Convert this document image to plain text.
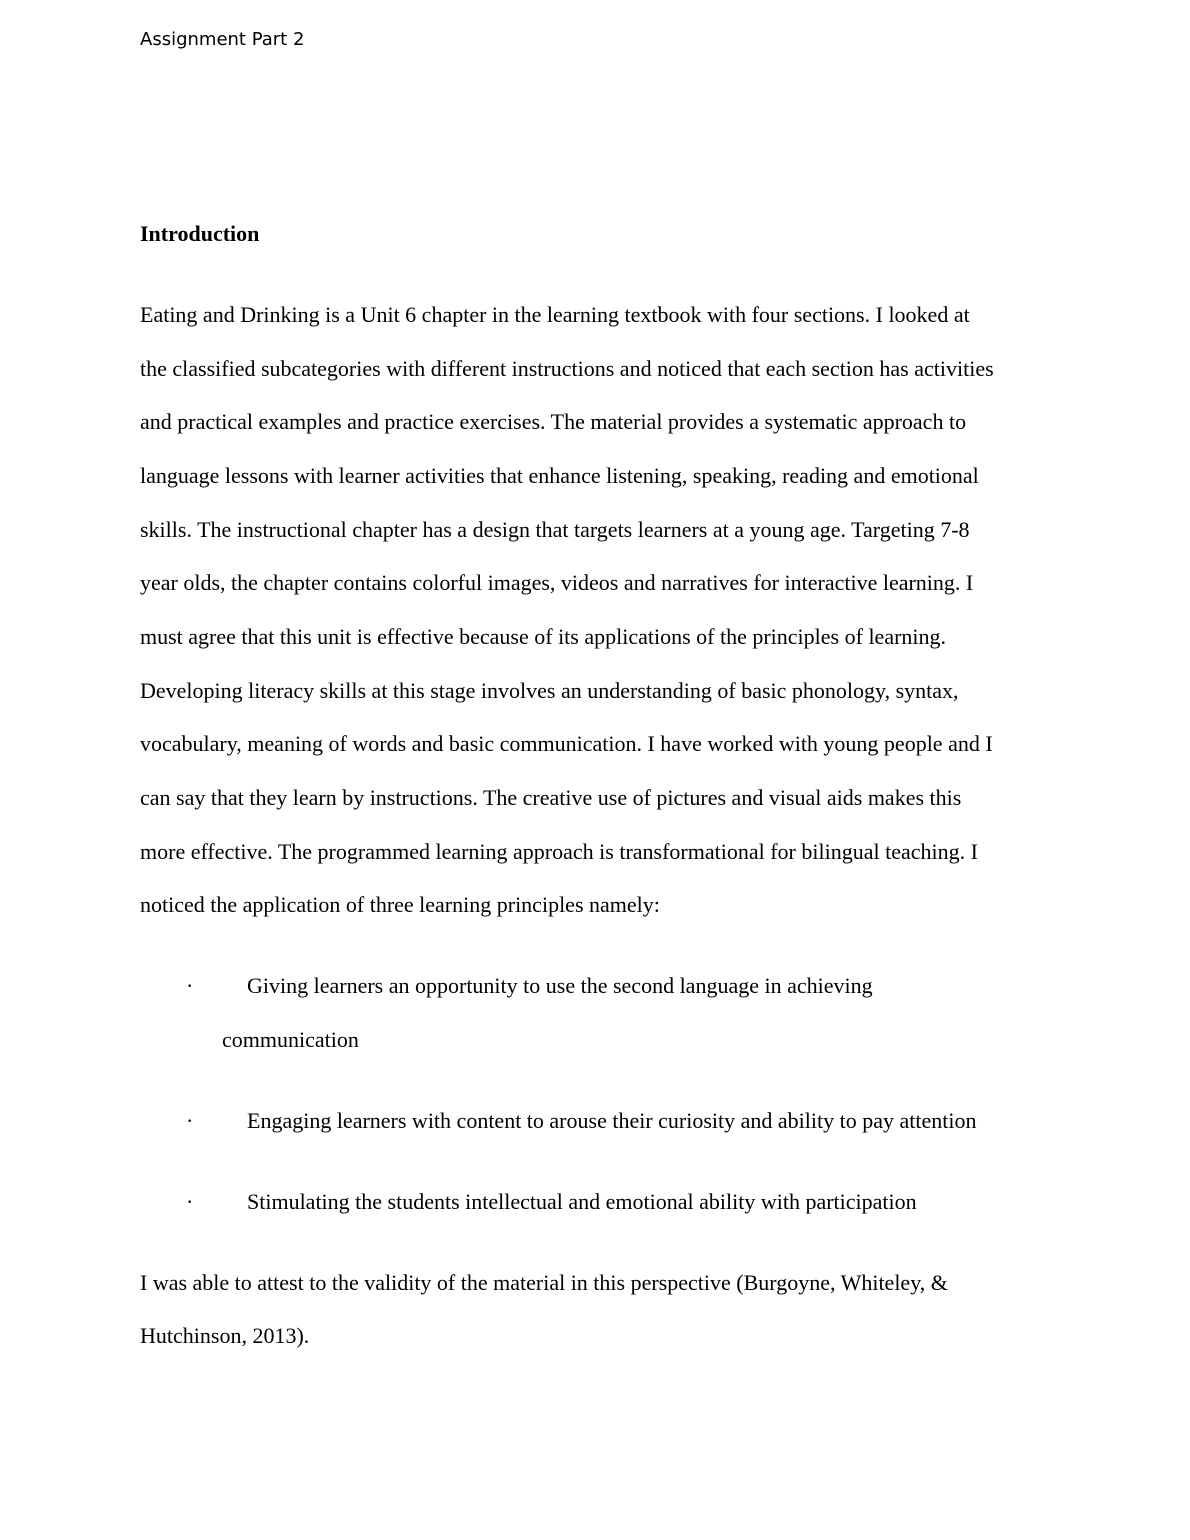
Assignment Part 2
Introduction
Eating and Drinking is a Unit 6 chapter in the learning textbook with four sections. I looked at
the classified subcategories with different instructions and noticed that each section has activities
and practical examples and practice exercises. The material provides a systematic approach to
language lessons with learner activities that enhance listening, speaking, reading and emotional
skills. The instructional chapter has a design that targets learners at a young age. Targeting 7-8
year olds, the chapter contains colorful images, videos and narratives for interactive learning. I
must agree that this unit is effective because of its applications of the principles of learning.
Developing literacy skills at this stage involves an understanding of basic phonology, syntax,
vocabulary, meaning of words and basic communication. I have worked with young people and I
can say that they learn by instructions. The creative use of pictures and visual aids makes this
more effective. The programmed learning approach is transformational for bilingual teaching. I
noticed the application of three learning principles namely:
· Giving learners an opportunity to use the second language in achieving
communication
· Engaging learners with content to arouse their curiosity and ability to pay attention
· Stimulating the students intellectual and emotional ability with participation
I was able to attest to the validity of the material in this perspective (Burgoyne, Whiteley, &
Hutchinson, 2013).
